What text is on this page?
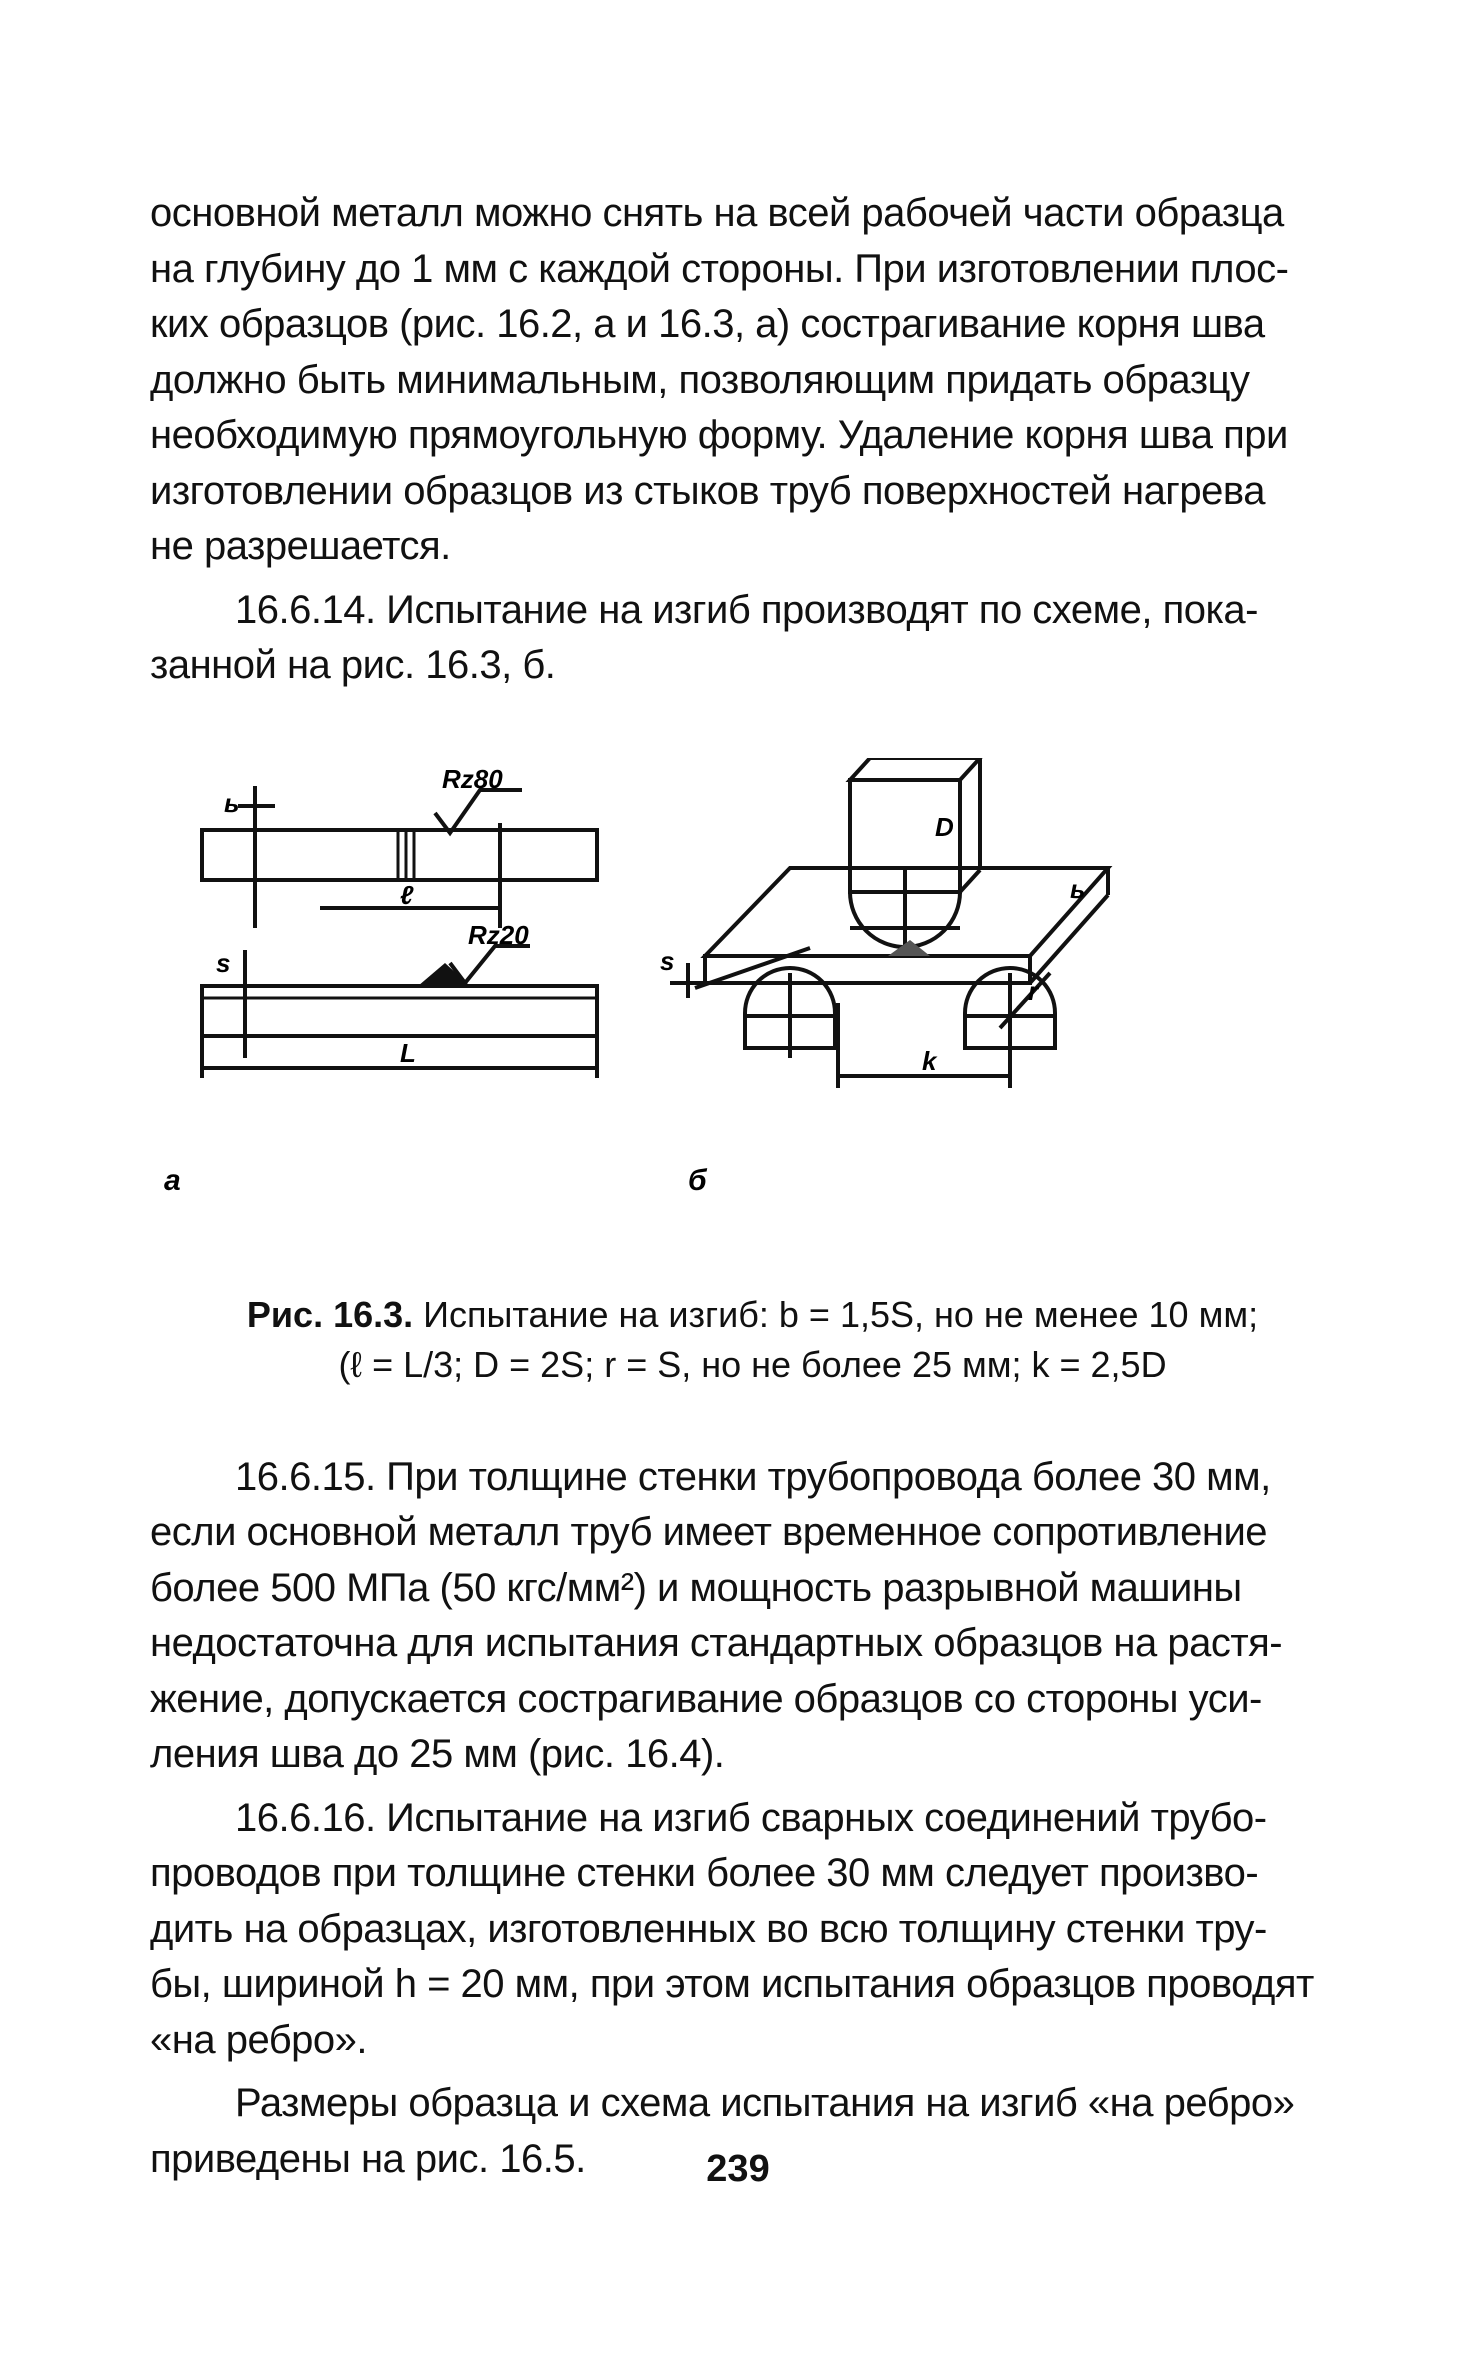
основной металл можно снять на всей рабочей части образца
на глубину до 1 мм с каждой стороны. При изготовлении плос-
ких образцов (рис. 16.2, а и 16.3, а) сострагивание корня шва
должно быть минимальным, позволяющим придать образцу
необходимую прямоугольную форму. Удаление корня шва при
изготовлении образцов из стыков труб поверхностей нагрева
не разрешается.

16.6.14. Испытание на изгиб производят по схеме, пока-
занной на рис. 16.3, б.

а	б
Rz80
Rz20
ь
s
ℓ
L
D
ь
s
r
k
Рис. 16.3. Испытание на изгиб: b = 1,5S, но не менее 10 мм;
(ℓ = L/3; D = 2S; r = S, но не более 25 мм; k = 2,5D

16.6.15. При толщине стенки трубопровода более 30 мм,
если основной металл труб имеет временное сопротивление
более 500 МПа (50 кгс/мм²) и мощность разрывной машины
недостаточна для испытания стандартных образцов на растя-
жение, допускается сострагивание образцов со стороны уси-
ления шва до 25 мм (рис. 16.4).

16.6.16. Испытание на изгиб сварных соединений трубо-
проводов при толщине стенки более 30 мм следует произво-
дить на образцах, изготовленных во всю толщину стенки тру-
бы, шириной h = 20 мм, при этом испытания образцов проводят
«на ребро».

Размеры образца и схема испытания на изгиб «на ребро»
приведены на рис. 16.5.	239
